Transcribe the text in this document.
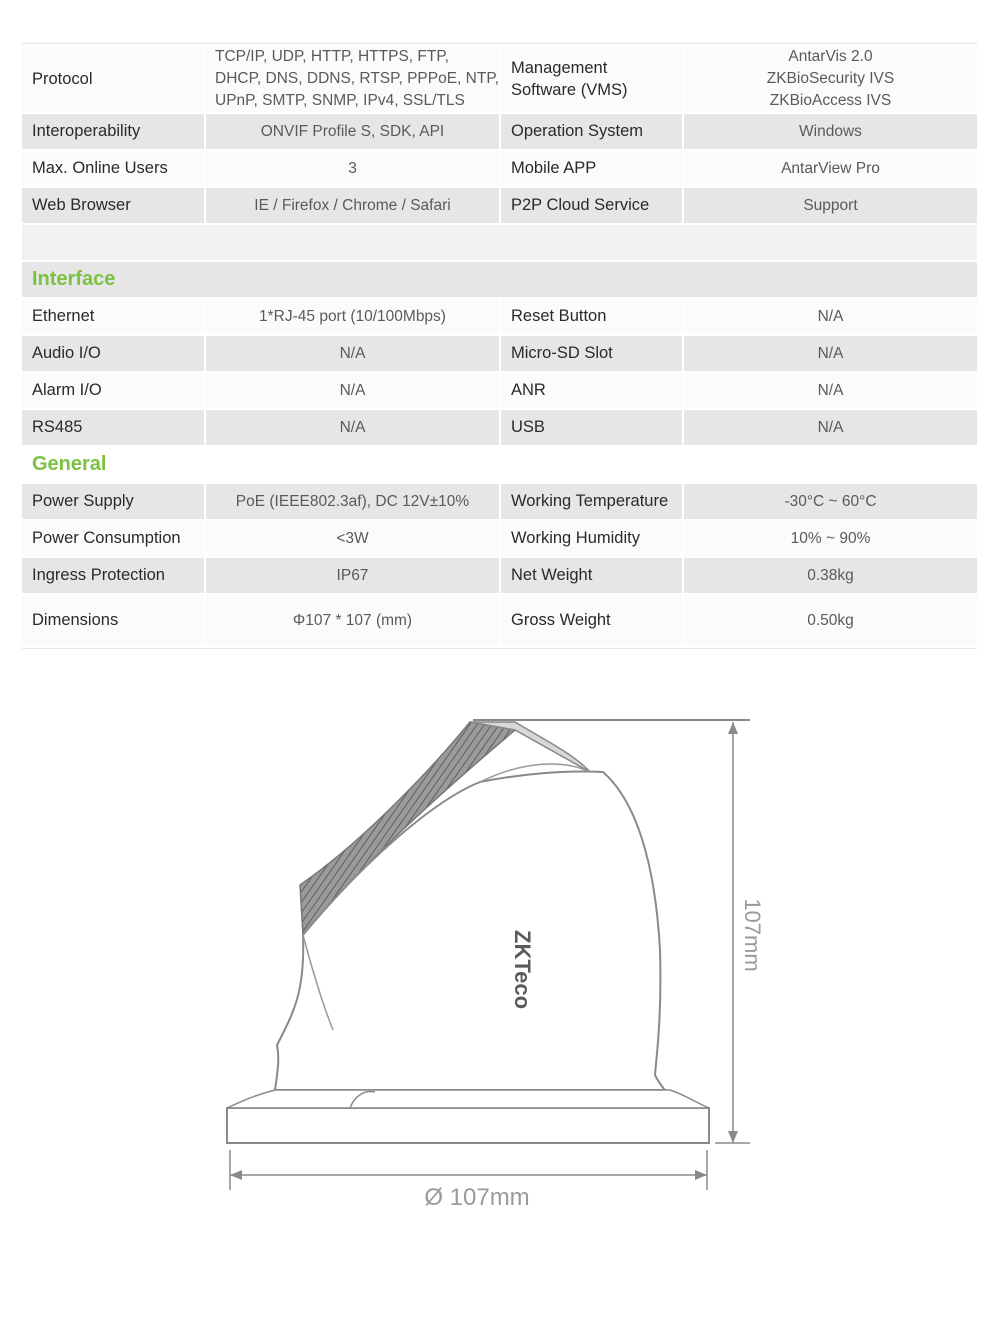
Protocol	TCP/IP, UDP, HTTP, HTTPS, FTP, DHCP, DNS, DDNS, RTSP, PPPoE, NTP, UPnP, SMTP, SNMP, IPv4, SSL/TLS	Management Software (VMS)	AntarVis 2.0
ZKBioSecurity IVS
ZKBioAccess IVS
Interoperability	ONVIF Profile S, SDK, API	Operation System	Windows
Max. Online Users	3	Mobile APP	AntarView Pro
Web Browser	IE / Firefox / Chrome / Safari	P2P Cloud Service	Support

Interface			
Ethernet	1*RJ-45 port (10/100Mbps)	Reset Button	N/A
Audio I/O	N/A	Micro-SD Slot	N/A
Alarm I/O	N/A	ANR	N/A
RS485	N/A	USB	N/A
General			
Power Supply	PoE (IEEE802.3af), DC 12V±10%	Working Temperature	-30°C ~ 60°C
Power Consumption	<3W	Working Humidity	10% ~ 90%
Ingress Protection	IP67	Net Weight	0.38kg
Dimensions	Φ107 * 107 (mm)	Gross Weight	0.50kg
ZKTeco	107mm
Ø 107mm
